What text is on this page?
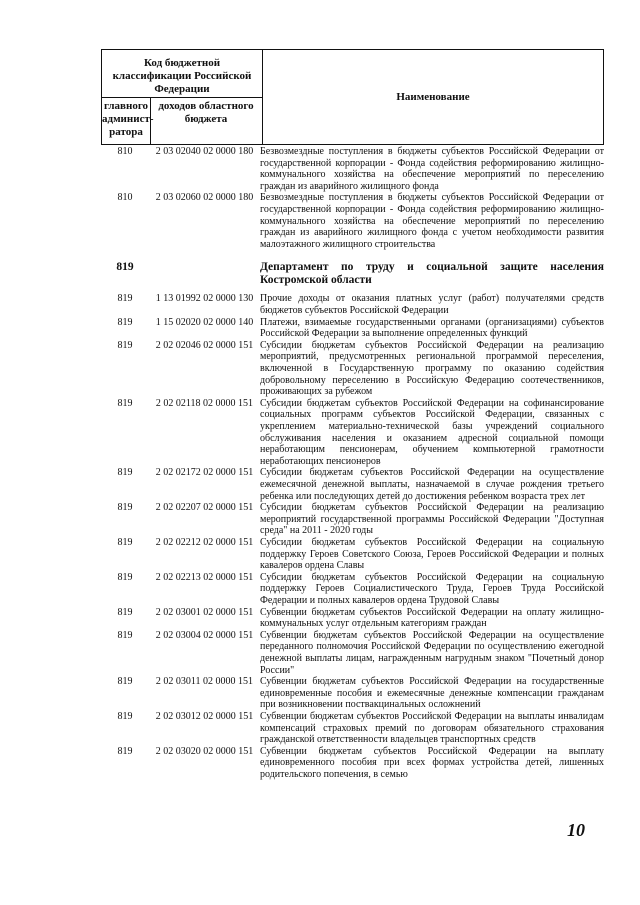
Код бюджетной классификации Российской Федерации
главного админист- ратора
доходов областного бюджета
Наименование
810	2 03 02040 02 0000 180 Безвозмездные поступления в бюджеты субъектов Российской Федерации от государственной корпорации - Фонда содействия реформированию жилищно-коммунального хозяйства на обеспечение мероприятий по переселению граждан из аварийного жилищного фонда
810	2 03 02060 02 0000 180 Безвозмездные поступления в бюджеты субъектов Российской Федерации от государственной корпорации - Фонда содействия реформированию жилищно-коммунального хозяйства на обеспечение мероприятий по переселению граждан из аварийного жилищного фонда с учетом необходимости развития малоэтажного жилищного строительства
819	Департамент по труду и социальной защите населения Костромской области
819	1 13 01992 02 0000 130 Прочие доходы от оказания платных услуг (работ) получателями средств бюджетов субъектов Российской Федерации
819	1 15 02020 02 0000 140 Платежи, взимаемые государственными органами (организациями) субъектов Российской Федерации за выполнение определенных функций
819	2 02 02046 02 0000 151 Субсидии бюджетам субъектов Российской Федерации на реализацию мероприятий, предусмотренных региональной программой переселения, включенной в Государственную программу по оказанию содействия добровольному переселению в Российскую Федерацию соотечественников, проживающих за рубежом
819	2 02 02118 02 0000 151 Субсидии бюджетам субъектов Российской Федерации на софинансирование социальных программ субъектов Российской Федерации, связанных с укреплением материально-технической базы учреждений социального обслуживания населения и оказанием адресной социальной помощи неработающим пенсионерам, обучением компьютерной грамотности неработающих пенсионеров
819	2 02 02172 02 0000 151 Субсидии бюджетам субъектов Российской Федерации на осуществление ежемесячной денежной выплаты, назначаемой в случае рождения третьего ребенка или последующих детей до достижения ребенком возраста трех лет
819	2 02 02207 02 0000 151 Субсидии бюджетам субъектов Российской Федерации на реализацию мероприятий государственной программы Российской Федерации "Доступная среда" на 2011 - 2020 годы
819	2 02 02212 02 0000 151 Субсидии бюджетам субъектов Российской Федерации на социальную поддержку Героев Советского Союза, Героев Российской Федерации и полных кавалеров ордена Славы
819	2 02 02213 02 0000 151 Субсидии бюджетам субъектов Российской Федерации на социальную поддержку Героев Социалистического Труда, Героев Труда Российской Федерации и полных кавалеров ордена Трудовой Славы
819	2 02 03001 02 0000 151 Субвенции бюджетам субъектов Российской Федерации на оплату жилищно-коммунальных услуг отдельным категориям граждан
819	2 02 03004 02 0000 151 Субвенции бюджетам субъектов Российской Федерации на осуществление переданного полномочия Российской Федерации по осуществлению ежегодной денежной выплаты лицам, награжденным нагрудным знаком "Почетный донор России"
819	2 02 03011 02 0000 151 Субвенции бюджетам субъектов Российской Федерации на государственные единовременные пособия и ежемесячные денежные компенсации гражданам при возникновении поствакцинальных осложнений
819	2 02 03012 02 0000 151 Субвенции бюджетам субъектов Российской Федерации на выплаты инвалидам компенсаций страховых премий по договорам обязательного страхования гражданской ответственности владельцев транспортных средств
819	2 02 03020 02 0000 151 Субвенции бюджетам субъектов Российской Федерации на выплату единовременного пособия при всех формах устройства детей, лишенных родительского попечения, в семью
10
